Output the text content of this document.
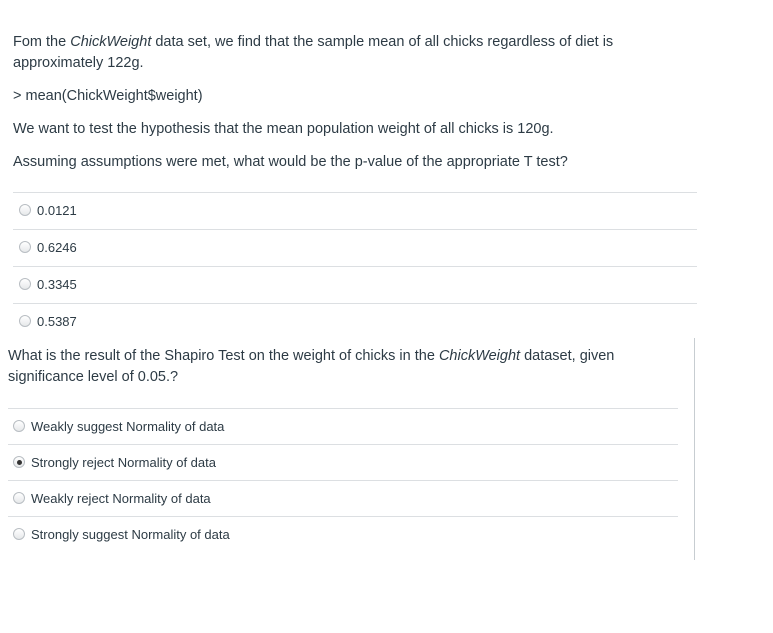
Fom the ChickWeight data set, we find that the sample mean of all chicks regardless of diet is approximately 122g.

> mean(ChickWeight$weight)

We want to test the hypothesis that the mean population weight of all chicks is 120g.

Assuming assumptions were met, what would be the p-value of the appropriate T test?

0.0121
0.6246
0.3345
0.5387

What is the result of the Shapiro Test on the weight of chicks in the ChickWeight dataset, given significance level of 0.05.?

Weakly suggest Normality of data
Strongly reject Normality of data
Weakly reject Normality of data
Strongly suggest Normality of data
